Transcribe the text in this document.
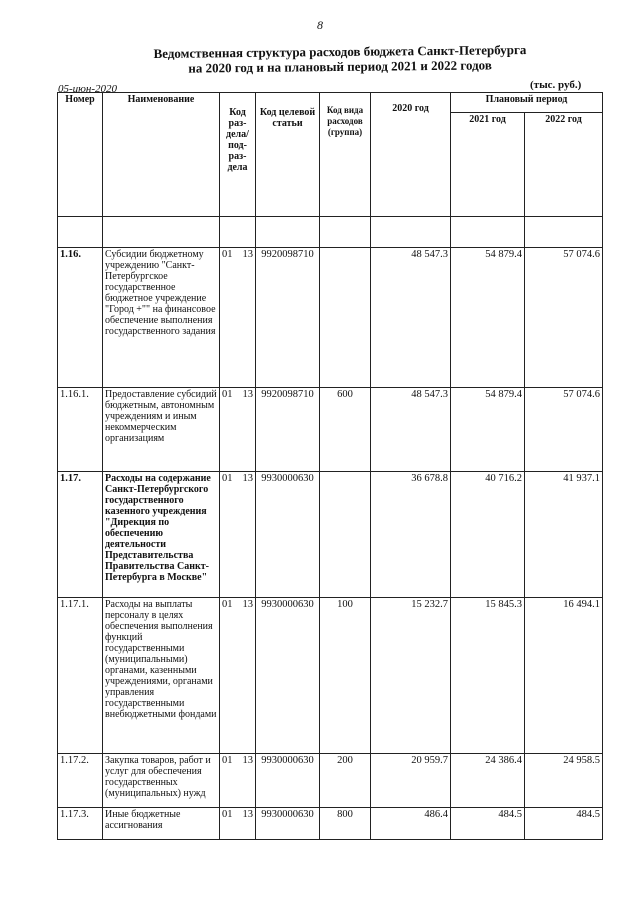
8
Ведомственная структура расходов бюджета Санкт-Петербурга
на 2020 год и на плановый период 2021 и 2022 годов
05-июн-2020	(тыс. руб.)
Номер	Наименование	Код раз- дела/ под- раз- дела	Код целевой статьи	Код вида расходов (группа)	2020 год	Плановый период	
						2021 год	2022 год

1.16.	Субсидии бюджетному учреждению "Санкт-Петербургское государственное бюджетное учреждение "Город +"" на финансовое обеспечение выполнения государственного задания	01 13	9920098710		48 547.3	54 879.4	57 074.6
1.16.1.	Предоставление субсидий бюджетным, автономным учреждениям и иным некоммерческим организациям	01 13	9920098710	600	48 547.3	54 879.4	57 074.6
1.17.	Расходы на содержание Санкт-Петербургского государственного казенного учреждения "Дирекция по обеспечению деятельности Представительства Правительства Санкт-Петербурга в Москве"	01 13	9930000630		36 678.8	40 716.2	41 937.1
1.17.1.	Расходы на выплаты персоналу в целях обеспечения выполнения функций государственными (муниципальными) органами, казенными учреждениями, органами управления государственными внебюджетными фондами	01 13	9930000630	100	15 232.7	15 845.3	16 494.1
1.17.2.	Закупка товаров, работ и услуг для обеспечения государственных (муниципальных) нужд	01 13	9930000630	200	20 959.7	24 386.4	24 958.5
1.17.3.	Иные бюджетные ассигнования	01 13	9930000630	800	486.4	484.5	484.5
